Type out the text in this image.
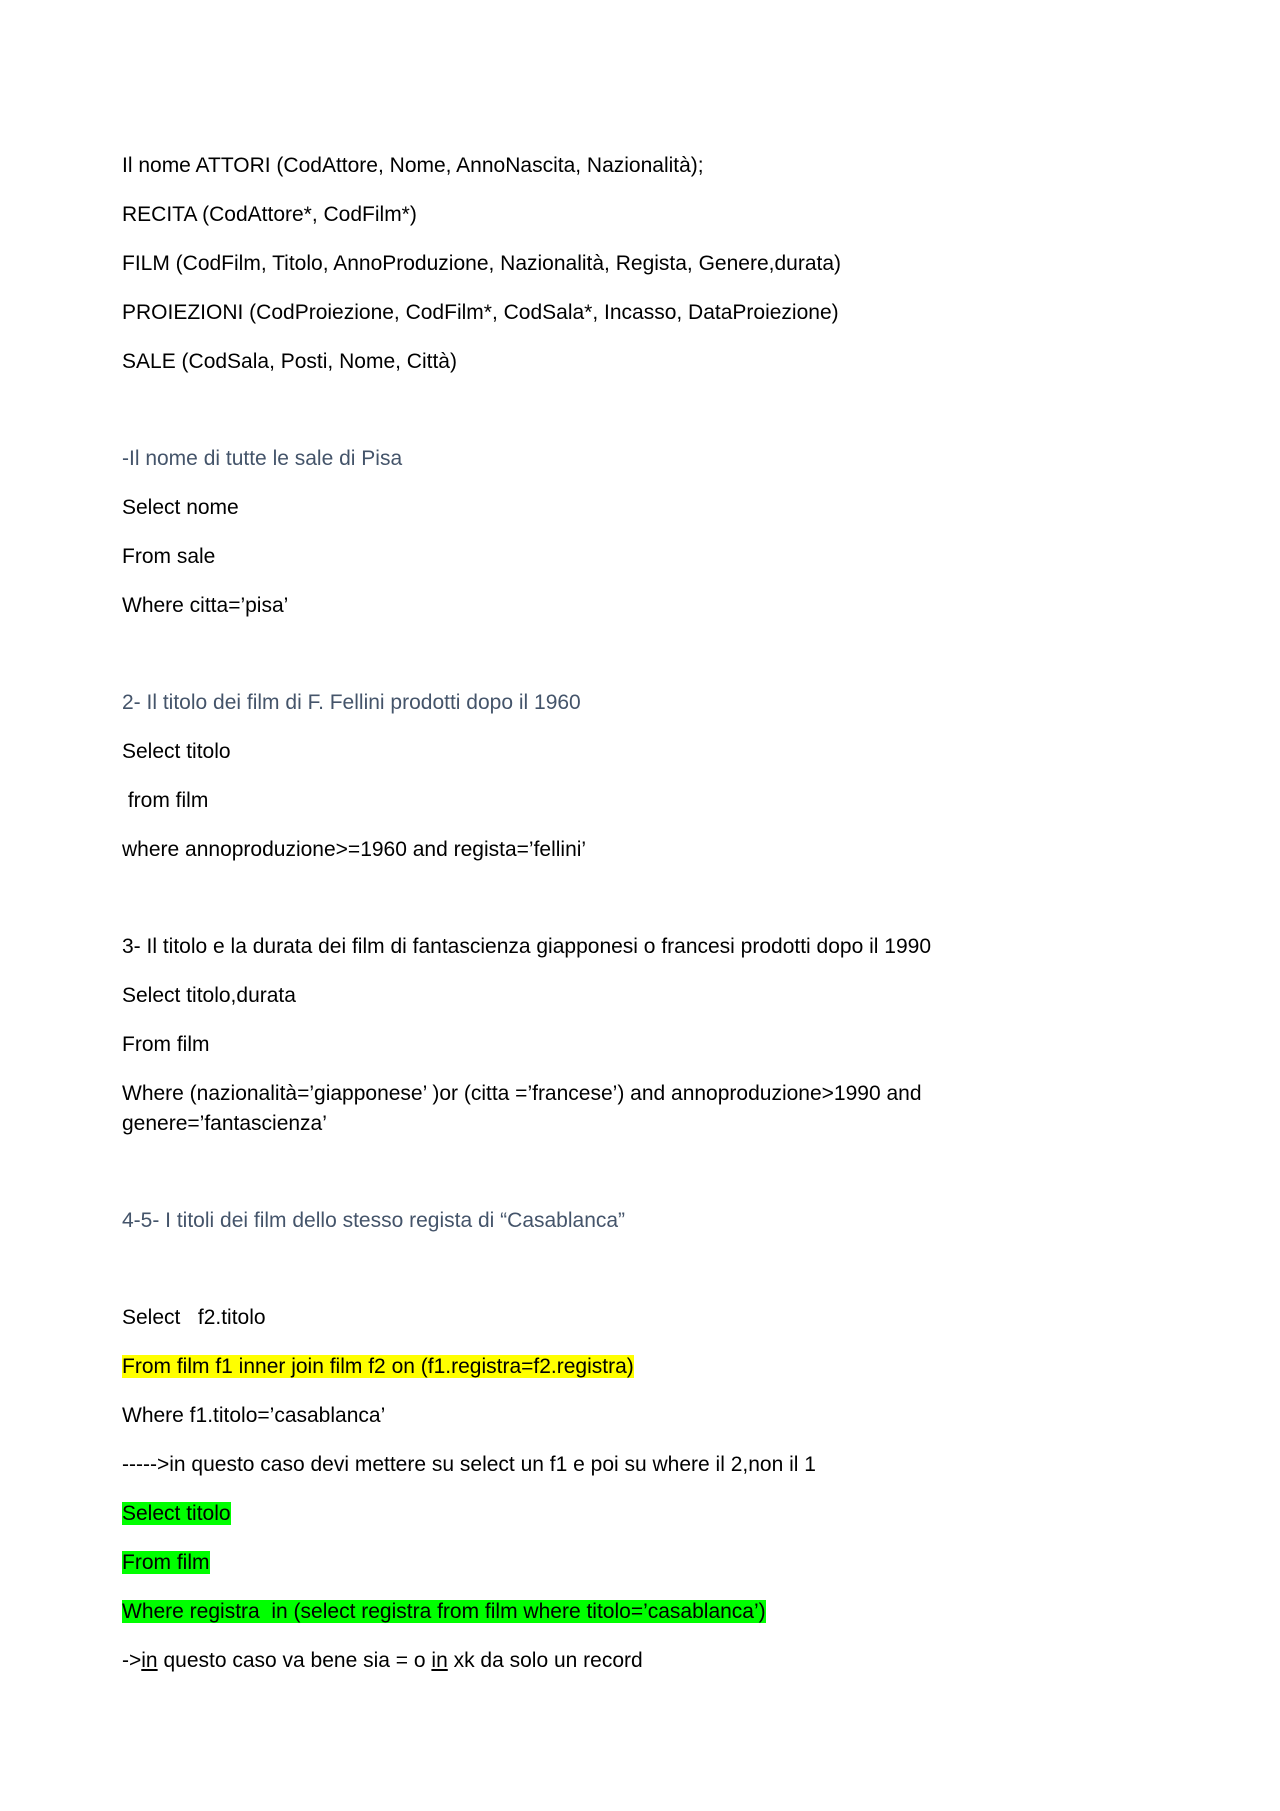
Il nome ATTORI (CodAttore, Nome, AnnoNascita, Nazionalità);
RECITA (CodAttore*, CodFilm*)
FILM (CodFilm, Titolo, AnnoProduzione, Nazionalità, Regista, Genere,durata)
PROIEZIONI (CodProiezione, CodFilm*, CodSala*, Incasso, DataProiezione)
SALE (CodSala, Posti, Nome, Città)
-Il nome di tutte le sale di Pisa
Select nome
From sale
Where citta=’pisa’
2- Il titolo dei film di F. Fellini prodotti dopo il 1960
Select titolo
from film
where annoproduzione>=1960 and regista=’fellini’
3- Il titolo e la durata dei film di fantascienza giapponesi o francesi prodotti dopo il 1990
Select titolo,durata
From film
Where (nazionalità=’giapponese’ )or (citta =’francese’) and annoproduzione>1990 and genere=’fantascienza’
4-5- I titoli dei film dello stesso regista di “Casablanca”
Select   f2.titolo
From film f1 inner join film f2 on (f1.registra=f2.registra)
Where f1.titolo=’casablanca’
----->in questo caso devi mettere su select un f1 e poi su where il 2,non il 1
Select titolo
From film
Where registra  in (select registra from film where titolo=’casablanca’)
->in questo caso va bene sia = o in xk da solo un record
